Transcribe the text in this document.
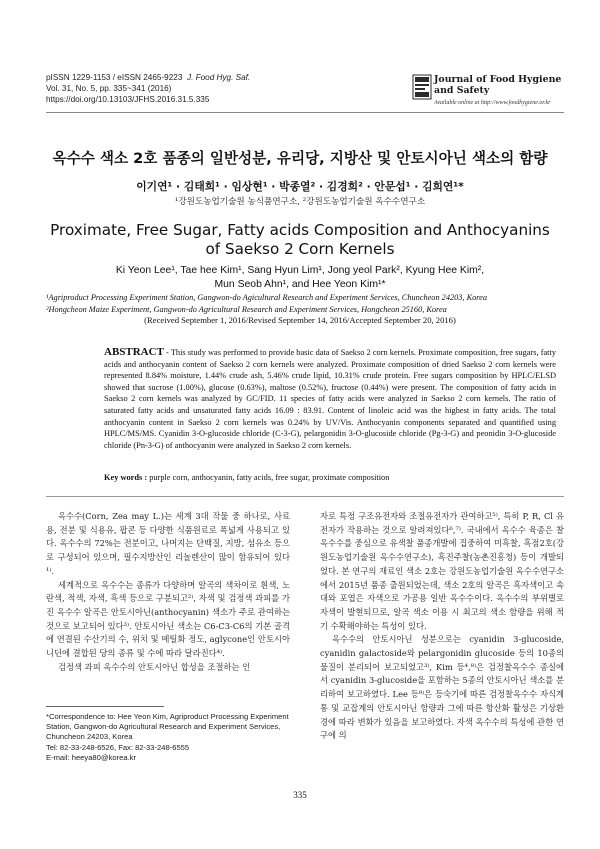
pISSN 1229-1153 / eISSN 2465-9223 J. Food Hyg. Saf.
Vol. 31, No. 5, pp. 335~341 (2016)
https://doi.org/10.13103/JFHS.2016.31.5.335
Journal of Food Hygiene
and Safety
Available online at http://www.foodhygiene.or.kr
옥수수 색소 2호 품종의 일반성분, 유리당, 지방산 및 안토시아닌 색소의 함량
이기연¹ · 김태희¹ · 임상현¹ · 박종열² · 김경희² · 안문섭¹ · 김희연¹*
¹강원도농업기술원 농식품연구소, ²강원도농업기술원 옥수수연구소
Proximate, Free Sugar, Fatty acids Composition and Anthocyanins
of Saekso 2 Corn Kernels
Ki Yeon Lee¹, Tae hee Kim¹, Sang Hyun Lim¹, Jong yeol Park², Kyung Hee Kim²,
Mun Seob Ahn¹, and Hee Yeon Kim¹*
¹Agriproduct Processing Experiment Station, Gangwon-do Agicultural Research and Experiment Services, Chuncheon 24203, Korea
²Hongcheon Maize Experiment, Gangwon-do Agricultural Research and Experiment Services, Hongcheon 25160, Korea
(Received September 1, 2016/Revised September 14, 2016/Accepted September 20, 2016)
ABSTRACT - This study was performed to provide basic data of Saekso 2 corn kernels. Proximate composition, free sugars, fatty acids and anthocyanin content of Saekso 2 corn kernels were analyzed. Proximate composition of dried Saekso 2 corn kernels were represented 8.84% moisture, 1.44% crude ash, 5.46% crude lipid, 10.31% crude protein. Free sugars composition by HPLC/ELSD showed that sucrose (1.00%), glucose (0.63%), maltose (0.52%), fructose (0.44%) were present. The composition of fatty acids in Saekso 2 corn kernels was analyzed by GC/FID. 11 species of fatty acids were analyzed in Saekso 2 corn kernels. The ratio of saturated fatty acids and unsaturated fatty acids 16.09 : 83.91. Content of linoleic acid was the highest in fatty acids. The total anthocyanin content in Saekso 2 corn kernels was 0.24% by UV/Vis. Anthocyanin components separated and quantified using HPLC/MS/MS. Cyanidin 3-O-glucoside chloride (C-3-G), pelargonidin 3-O-glucoside chloride (Pg-3-G) and peonidin 3-O-glucoside chloride (Pn-3-G) of anthocyanin were analyzed in Saekso 2 corn kernels.
Key words : purple corn, anthocyanin, fatty acids, free sugar, proximate composition

옥수수(Corn, Zea may L.)는 세계 3대 작물 중 하나로, 사료용, 전분 및 식용유, 팝콘 등 다양한 식품원료로 폭넓게 사용되고 있다. 옥수수의 72%는 전분이고, 나머지는 단백질, 지방, 섬유소 등으로 구성되어 있으며, 필수지방산인 리놀렌산이 많이 함유되어 있다¹⁾.

세계적으로 옥수수는 종류가 다양하며 알곡의 색차이로 흰색, 노란색, 적색, 자색, 흑색 등으로 구분되고²⁾, 자색 및 검정색 과피를 가진 옥수수 알곡은 안토시아닌(anthocyanin) 색소가 주로 관여하는 것으로 보고되어 있다³⁾. 안토시아닌 색소는 C6-C3-C6의 기본 골격에 연결된 수산기의 수, 위치 및 메틸화 정도, aglycone인 안토시아니딘에 결합된 당의 종류 및 수에 따라 달라진다⁴⁾.

검정색 과피 옥수수의 안토시아닌 합성을 조절하는 인

자로 특정 구조유전자와 조절유전자가 관여하고⁵⁾, 특히 P, R, Cl 유전자가 작용하는 것으로 알려져있다⁶,⁷⁾. 국내에서 옥수수 육종은 찰옥수수를 중심으로 유색찰 품종개발에 집중하여 미흑찰, 흑점2호(강원도농업기술원 옥수수연구소), 흑진주찰(농촌진흥청) 등이 개발되었다. 본 연구의 재료인 색소 2호는 강원도농업기술원 옥수수연구소에서 2015년 품종 출원되었는데, 색소 2호의 알곡은 흑자색이고 속대와 포엽은 자색으로 가공용 일반 옥수수이다. 옥수수의 부위별로 자색이 발현되므로, 알곡 색소 이용 시 최고의 색소 함량을 위해 적기 수확해야하는 특성이 있다.

옥수수의 안토시아닌 성분으로는 cyanidin 3-glucoside, cyanidin galactoside와 pelargonidin glucoside 등의 10종의 물질이 분리되어 보고되었고³⁾, Kim 등⁴,⁸⁾은 검정찰옥수수 종실에서 cyanidin 3-glucoside을 포함하는 5종의 안토시아닌 색소를 분리하여 보고하였다. Lee 등⁹⁾은 등숙기에 따른 검정찰옥수수 자식계통 및 교잡계의 안토시아닌 함량과 그에 따른 항산화 활성은 기상환경에 따라 변화가 있음을 보고하였다. 자색 옥수수의 특성에 관한 연구에 의

*Correspondence to: Hee Yeon Kim, Agriproduct Processing Experiment Station, Gangwon-do Agricultural Research and Experiment Services, Chuncheon 24203, Korea
Tel: 82-33-248-6526, Fax: 82-33-248-6555
E-mail: heeya80@korea.kr
335
